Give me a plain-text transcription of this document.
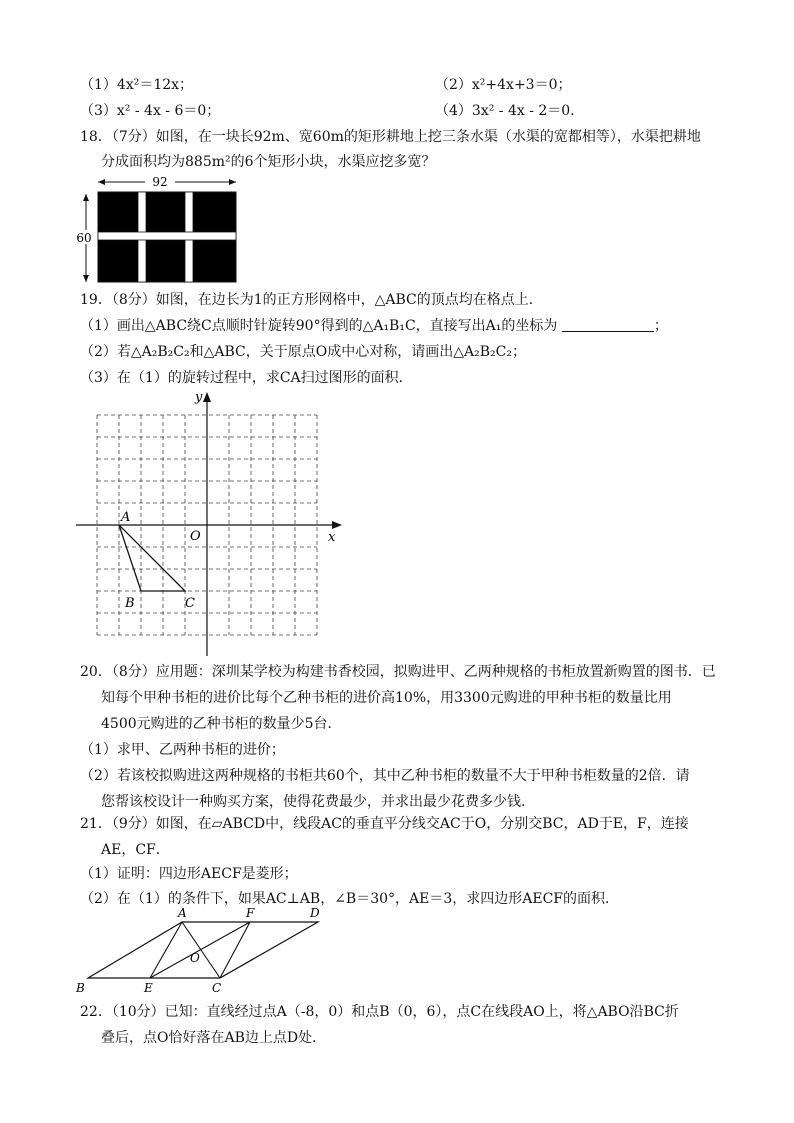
（1）4x²＝12x；	（2）x²+4x+3＝0；
（3）x² - 4x - 6＝0；	（4）3x² - 4x - 2＝0．
18．（7分）如图，在一块长92m、宽60m的矩形耕地上挖三条水渠（水渠的宽都相等），水渠把耕地
分成面积均为885m²的6个矩形小块，水渠应挖多宽？
92
60
19．（8分）如图，在边长为1的正方形网格中，△ABC的顶点均在格点上．
（1）画出△ABC绕C点顺时针旋转90°得到的△A₁B₁C，直接写出A₁的坐标为	；
（2）若△A₂B₂C₂和△ABC，关于原点O成中心对称，请画出△A₂B₂C₂；
（3）在（1）的旋转过程中，求CA扫过图形的面积．
y
x
O
A
B	C
20．（8分）应用题：深圳某学校为构建书香校园，拟购进甲、乙两种规格的书柜放置新购置的图书．已
知每个甲种书柜的进价比每个乙种书柜的进价高10%，用3300元购进的甲种书柜的数量比用
4500元购进的乙种书柜的数量少5台．
（1）求甲、乙两种书柜的进价；
（2）若该校拟购进这两种规格的书柜共60个，其中乙种书柜的数量不大于甲种书柜数量的2倍．请
您帮该校设计一种购买方案，使得花费最少，并求出最少花费多少钱．
21．（9分）如图，在▱ABCD中，线段AC的垂直平分线交AC于O，分别交BC，AD于E，F，连接
AE，CF．
（1）证明：四边形AECF是菱形；
（2）在（1）的条件下，如果AC⊥AB，∠B＝30°，AE＝3，求四边形AECF的面积．
A	F	D
O
B	E	C
22．（10分）已知：直线经过点A（-8，0）和点B（0，6），点C在线段AO上，将△ABO沿BC折
叠后，点O恰好落在AB边上点D处．
